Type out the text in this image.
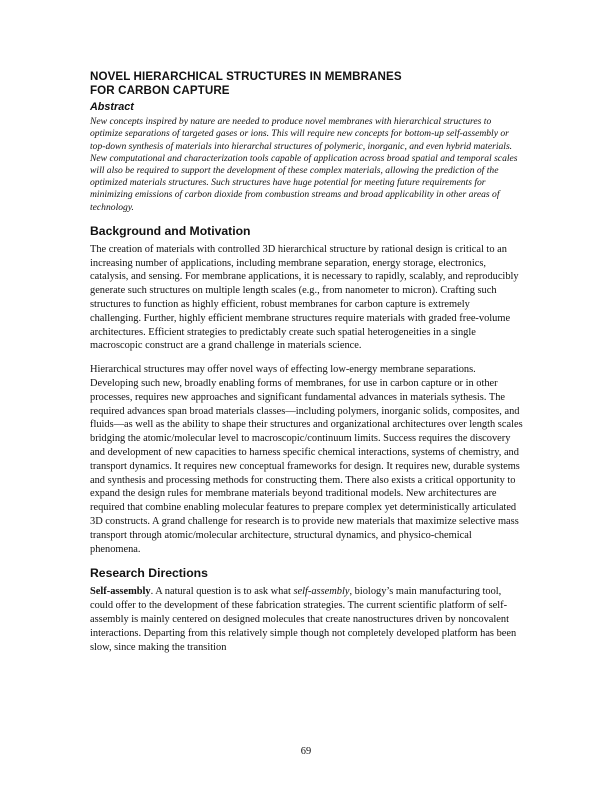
NOVEL HIERARCHICAL STRUCTURES IN MEMBRANES
FOR CARBON CAPTURE
Abstract

New concepts inspired by nature are needed to produce novel membranes with hierarchical structures to optimize separations of targeted gases or ions. This will require new concepts for bottom-up self-assembly or top-down synthesis of materials into hierarchal structures of polymeric, inorganic, and even hybrid materials. New computational and characterization tools capable of application across broad spatial and temporal scales will also be required to support the development of these complex materials, allowing the prediction of the optimized materials structures. Such structures have huge potential for meeting future requirements for minimizing emissions of carbon dioxide from combustion streams and broad applicability in other areas of technology.

Background and Motivation

The creation of materials with controlled 3D hierarchical structure by rational design is critical to an increasing number of applications, including membrane separation, energy storage, electronics, catalysis, and sensing. For membrane applications, it is necessary to rapidly, scalably, and reproducibly generate such structures on multiple length scales (e.g., from nanometer to micron). Crafting such structures to function as highly efficient, robust membranes for carbon capture is extremely challenging. Further, highly efficient membrane structures require materials with graded free-volume architectures. Efficient strategies to predictably create such spatial heterogeneities in a single macroscopic construct are a grand challenge in materials science.

Hierarchical structures may offer novel ways of effecting low-energy membrane separations. Developing such new, broadly enabling forms of membranes, for use in carbon capture or in other processes, requires new approaches and significant fundamental advances in materials sythesis. The required advances span broad materials classes—including polymers, inorganic solids, composites, and fluids—as well as the ability to shape their structures and organizational architectures over length scales bridging the atomic/molecular level to macroscopic/continuum limits. Success requires the discovery and development of new capacities to harness specific chemical interactions, systems of chemistry, and transport dynamics. It requires new conceptual frameworks for design. It requires new, durable systems and synthesis and processing methods for constructing them. There also exists a critical opportunity to expand the design rules for membrane materials beyond traditional models. New architectures are required that combine enabling molecular features to prepare complex yet deterministically articulated 3D constructs. A grand challenge for research is to provide new materials that maximize selective mass transport through atomic/molecular architecture, structural dynamics, and physico-chemical phenomena.

Research Directions

Self-assembly. A natural question is to ask what self-assembly, biology’s main manufacturing tool, could offer to the development of these fabrication strategies. The current scientific platform of self-assembly is mainly centered on designed molecules that create nanostructures driven by noncovalent interactions. Departing from this relatively simple though not completely developed platform has been slow, since making the transition

69
